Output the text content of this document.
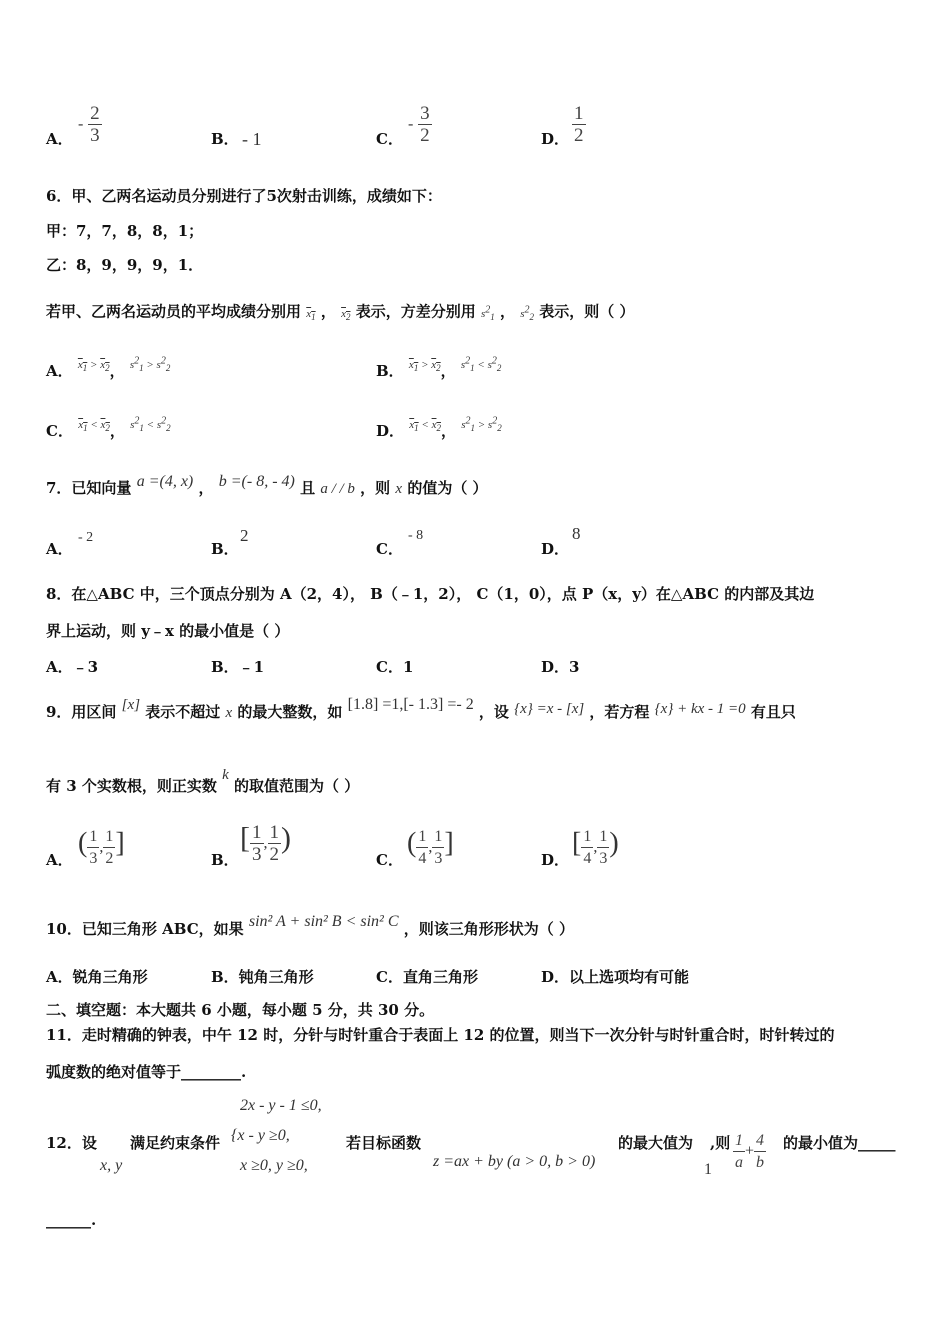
A．
- $\frac{2}{3}$	B． - 1	C．
- $\frac{3}{2}$	D． $\frac{1}{2}$
6．甲、乙两名运动员分别进行了5次射击训练，成绩如下：
甲：7，7，8，8，1；
乙：8，9，9，9，1．
若甲、乙两名运动员的平均成绩分别用 $x_1$ ， $x_2$ 表示，方差分别用 $s2_1$ ， $s2_2$ 表示，则（ ）
A． $^{x_1 > x_2}$， $^{s2_1 > s2_2}$	B． $^{x_1 > x_2}$， $^{s2_1 < s2_2}$
C． $^{x_1 < x_2}$， $^{s2_1 < s2_2}$	D． $^{x_1 < x_2}$， $^{s2_1 > s2_2}$
7．已知向量 a =(4, x) ， b =(- 8, - 4) 且 a / / b ，则 x 的值为（ ）
A．
- 2
B．
2
C．
- 8
D．
8
8．在△ABC 中，三个顶点分别为 A（2，4）， B（﹣1，2）， C（1，0），点 P（x，y）在△ABC 的内部及其边
界上运动，则 y﹣x 的最小值是（ ）
A．﹣3	B．﹣1	C．1	D．3
9．用区间 [x] 表示不超过 x 的最大整数，如 [1.8] =1,[- 1.3] =- 2 ，设 {x} =x - [x] ，若方程 {x} + kx - 1 =0 有且只
有 3 个实数根，则正实数 k 的取值范围为（ ）
A．
( $\frac{1}{3}$ , $\frac{1}{2}$ ]
B．
[ $\frac{1}{3}$ , $\frac{1}{2}$ )
C．
( $\frac{1}{4}$ , $\frac{1}{3}$ ]
D．
[ $\frac{1}{4}$ , $\frac{1}{3}$ )
10．已知三角形 ABC，如果 sin² A + sin² B < sin² C ，则该三角形形状为（ ）
A．锐角三角形	B．钝角三角形	C．直角三角形	D．以上选项均有可能
二、填空题：本大题共 6 小题，每小题 5 分，共 30 分。
11．走时精确的钟表，中午 12 时，分针与时针重合于表面上 12 的位置，则当下一次分针与时针重合时，时针转过的
弧度数的绝对值等于________.
2x - y - 1 ≤0,
12．设
x, y
满足约束条件 {x - y ≥0,
x ≥0, y ≥0,
若目标函数
z =ax + by (a > 0, b > 0)
的最大值为
1
,则 $\frac{1}{a} + \frac{4}{b}$ 的最小值为_____
______.
